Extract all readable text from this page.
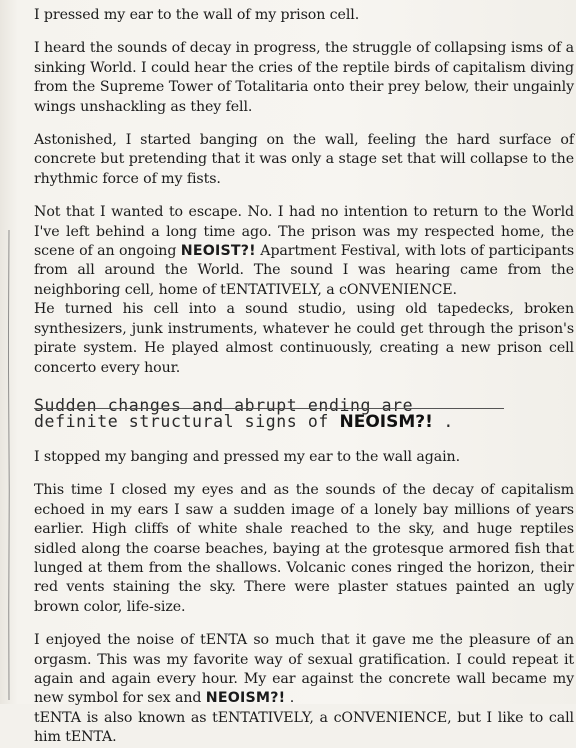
I pressed my ear to the wall of my prison cell.

I heard the sounds of decay in progress, the struggle of collapsing isms of a sinking World. I could hear the cries of the reptile birds of capitalism diving from the Supreme Tower of Totalitaria onto their prey below, their ungainly wings unshackling as they fell.

Astonished, I started banging on the wall, feeling the hard surface of concrete but pretending that it was only a stage set that will collapse to the rhythmic force of my fists.

Not that I wanted to escape. No. I had no intention to return to the World I've left behind a long time ago. The prison was my respected home, the scene of an ongoing NEOIST?! Apartment Festival, with lots of participants from all around the World. The sound I was hearing came from the neighboring cell, home of tENTATIVELY, a cONVENIENCE.

He turned his cell into a sound studio, using old tapedecks, broken synthesizers, junk instruments, whatever he could get through the prison's pirate system. He played almost continuously, creating a new prison cell concerto every hour.

Sudden changes and abrupt ending are
definite structural signs of NEOISM?! .

I stopped my banging and pressed my ear to the wall again.

This time I closed my eyes and as the sounds of the decay of capitalism echoed in my ears I saw a sudden image of a lonely bay millions of years earlier. High cliffs of white shale reached to the sky, and huge reptiles sidled along the coarse beaches, baying at the grotesque armored fish that lunged at them from the shallows. Volcanic cones ringed the horizon, their red vents staining the sky. There were plaster statues painted an ugly brown color, life-size.

I enjoyed the noise of tENTA so much that it gave me the pleasure of an orgasm. This was my favorite way of sexual gratification. I could repeat it again and again every hour. My ear against the concrete wall became my new symbol for sex and NEOISM?! .

tENTA is also known as tENTATIVELY, a cONVENIENCE, but I like to call him tENTA.
